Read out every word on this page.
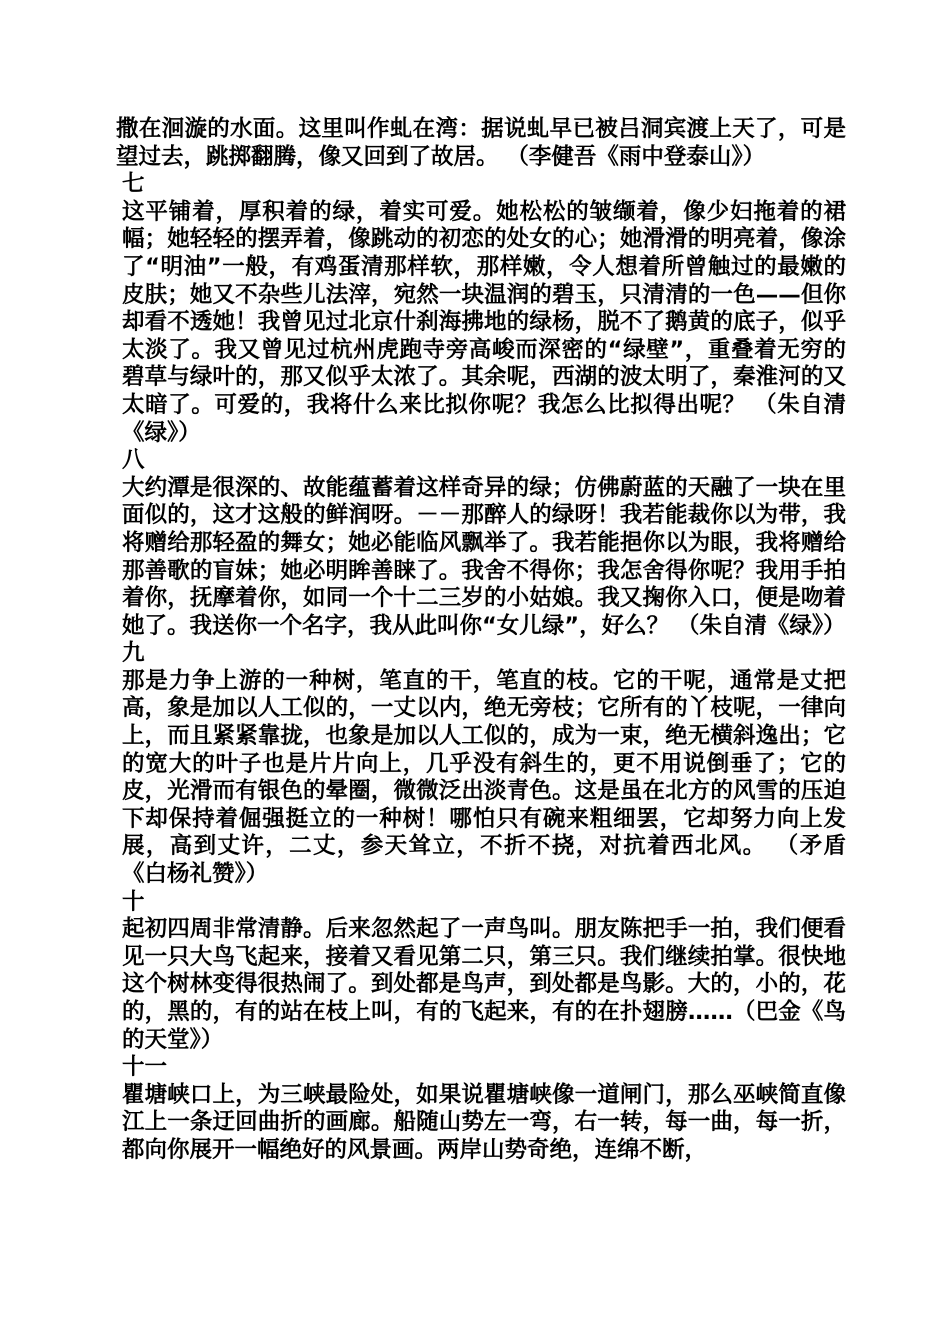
撒在洄漩的水面。这里叫作虬在湾：据说虬早已被吕洞宾渡上天了，可是望过去，跳掷翻腾，像又回到了故居。 （李健吾《雨中登泰山》）

七

这平铺着，厚积着的绿，着实可爱。她松松的皱缬着，像少妇拖着的裙幅；她轻轻的摆弄着，像跳动的初恋的处女的心；她滑滑的明亮着，像涂了“明油”一般，有鸡蛋清那样软，那样嫩，令人想着所曾触过的最嫩的皮肤；她又不杂些儿法滓，宛然一块温润的碧玉，只清清的一色——但你却看不透她！我曾见过北京什刹海拂地的绿杨，脱不了鹅黄的底子，似乎太淡了。我又曾见过杭州虎跑寺旁高峻而深密的“绿壁”，重叠着无穷的碧草与绿叶的，那又似乎太浓了。其余呢，西湖的波太明了，秦淮河的又太暗了。可爱的，我将什么来比拟你呢？我怎么比拟得出呢？ （朱自清《绿》）

八

大约潭是很深的、故能蕴蓄着这样奇异的绿；仿佛蔚蓝的天融了一块在里面似的，这才这般的鲜润呀。－－那醉人的绿呀！我若能裁你以为带，我将赠给那轻盈的舞女；她必能临风飘举了。我若能挹你以为眼，我将赠给那善歌的盲妹；她必明眸善睐了。我舍不得你；我怎舍得你呢？我用手拍着你，抚摩着你，如同一个十二三岁的小姑娘。我又掬你入口，便是吻着她了。我送你一个名字，我从此叫你“女儿绿”，好么？ （朱自清《绿》）

九

那是力争上游的一种树，笔直的干，笔直的枝。它的干呢，通常是丈把高，象是加以人工似的，一丈以内，绝无旁枝；它所有的丫枝呢，一律向上，而且紧紧靠拢，也象是加以人工似的，成为一束，绝无横斜逸出；它的宽大的叶子也是片片向上，几乎没有斜生的，更不用说倒垂了；它的皮，光滑而有银色的晕圈，微微泛出淡青色。这是虽在北方的风雪的压迫下却保持着倔强挺立的一种树！哪怕只有碗来粗细罢，它却努力向上发展，高到丈许，二丈，参天耸立，不折不挠，对抗着西北风。 （矛盾《白杨礼赞》）

十

起初四周非常清静。后来忽然起了一声鸟叫。朋友陈把手一拍，我们便看见一只大鸟飞起来，接着又看见第二只，第三只。我们继续拍掌。很快地这个树林变得很热闹了。到处都是鸟声，到处都是鸟影。大的，小的，花的，黑的，有的站在枝上叫，有的飞起来，有的在扑翅膀……（巴金《鸟的天堂》）

十一

瞿塘峡口上，为三峡最险处，如果说瞿塘峡像一道闸门，那么巫峡简直像江上一条迂回曲折的画廊。船随山势左一弯，右一转，每一曲，每一折，都向你展开一幅绝好的风景画。两岸山势奇绝，连绵不断，
